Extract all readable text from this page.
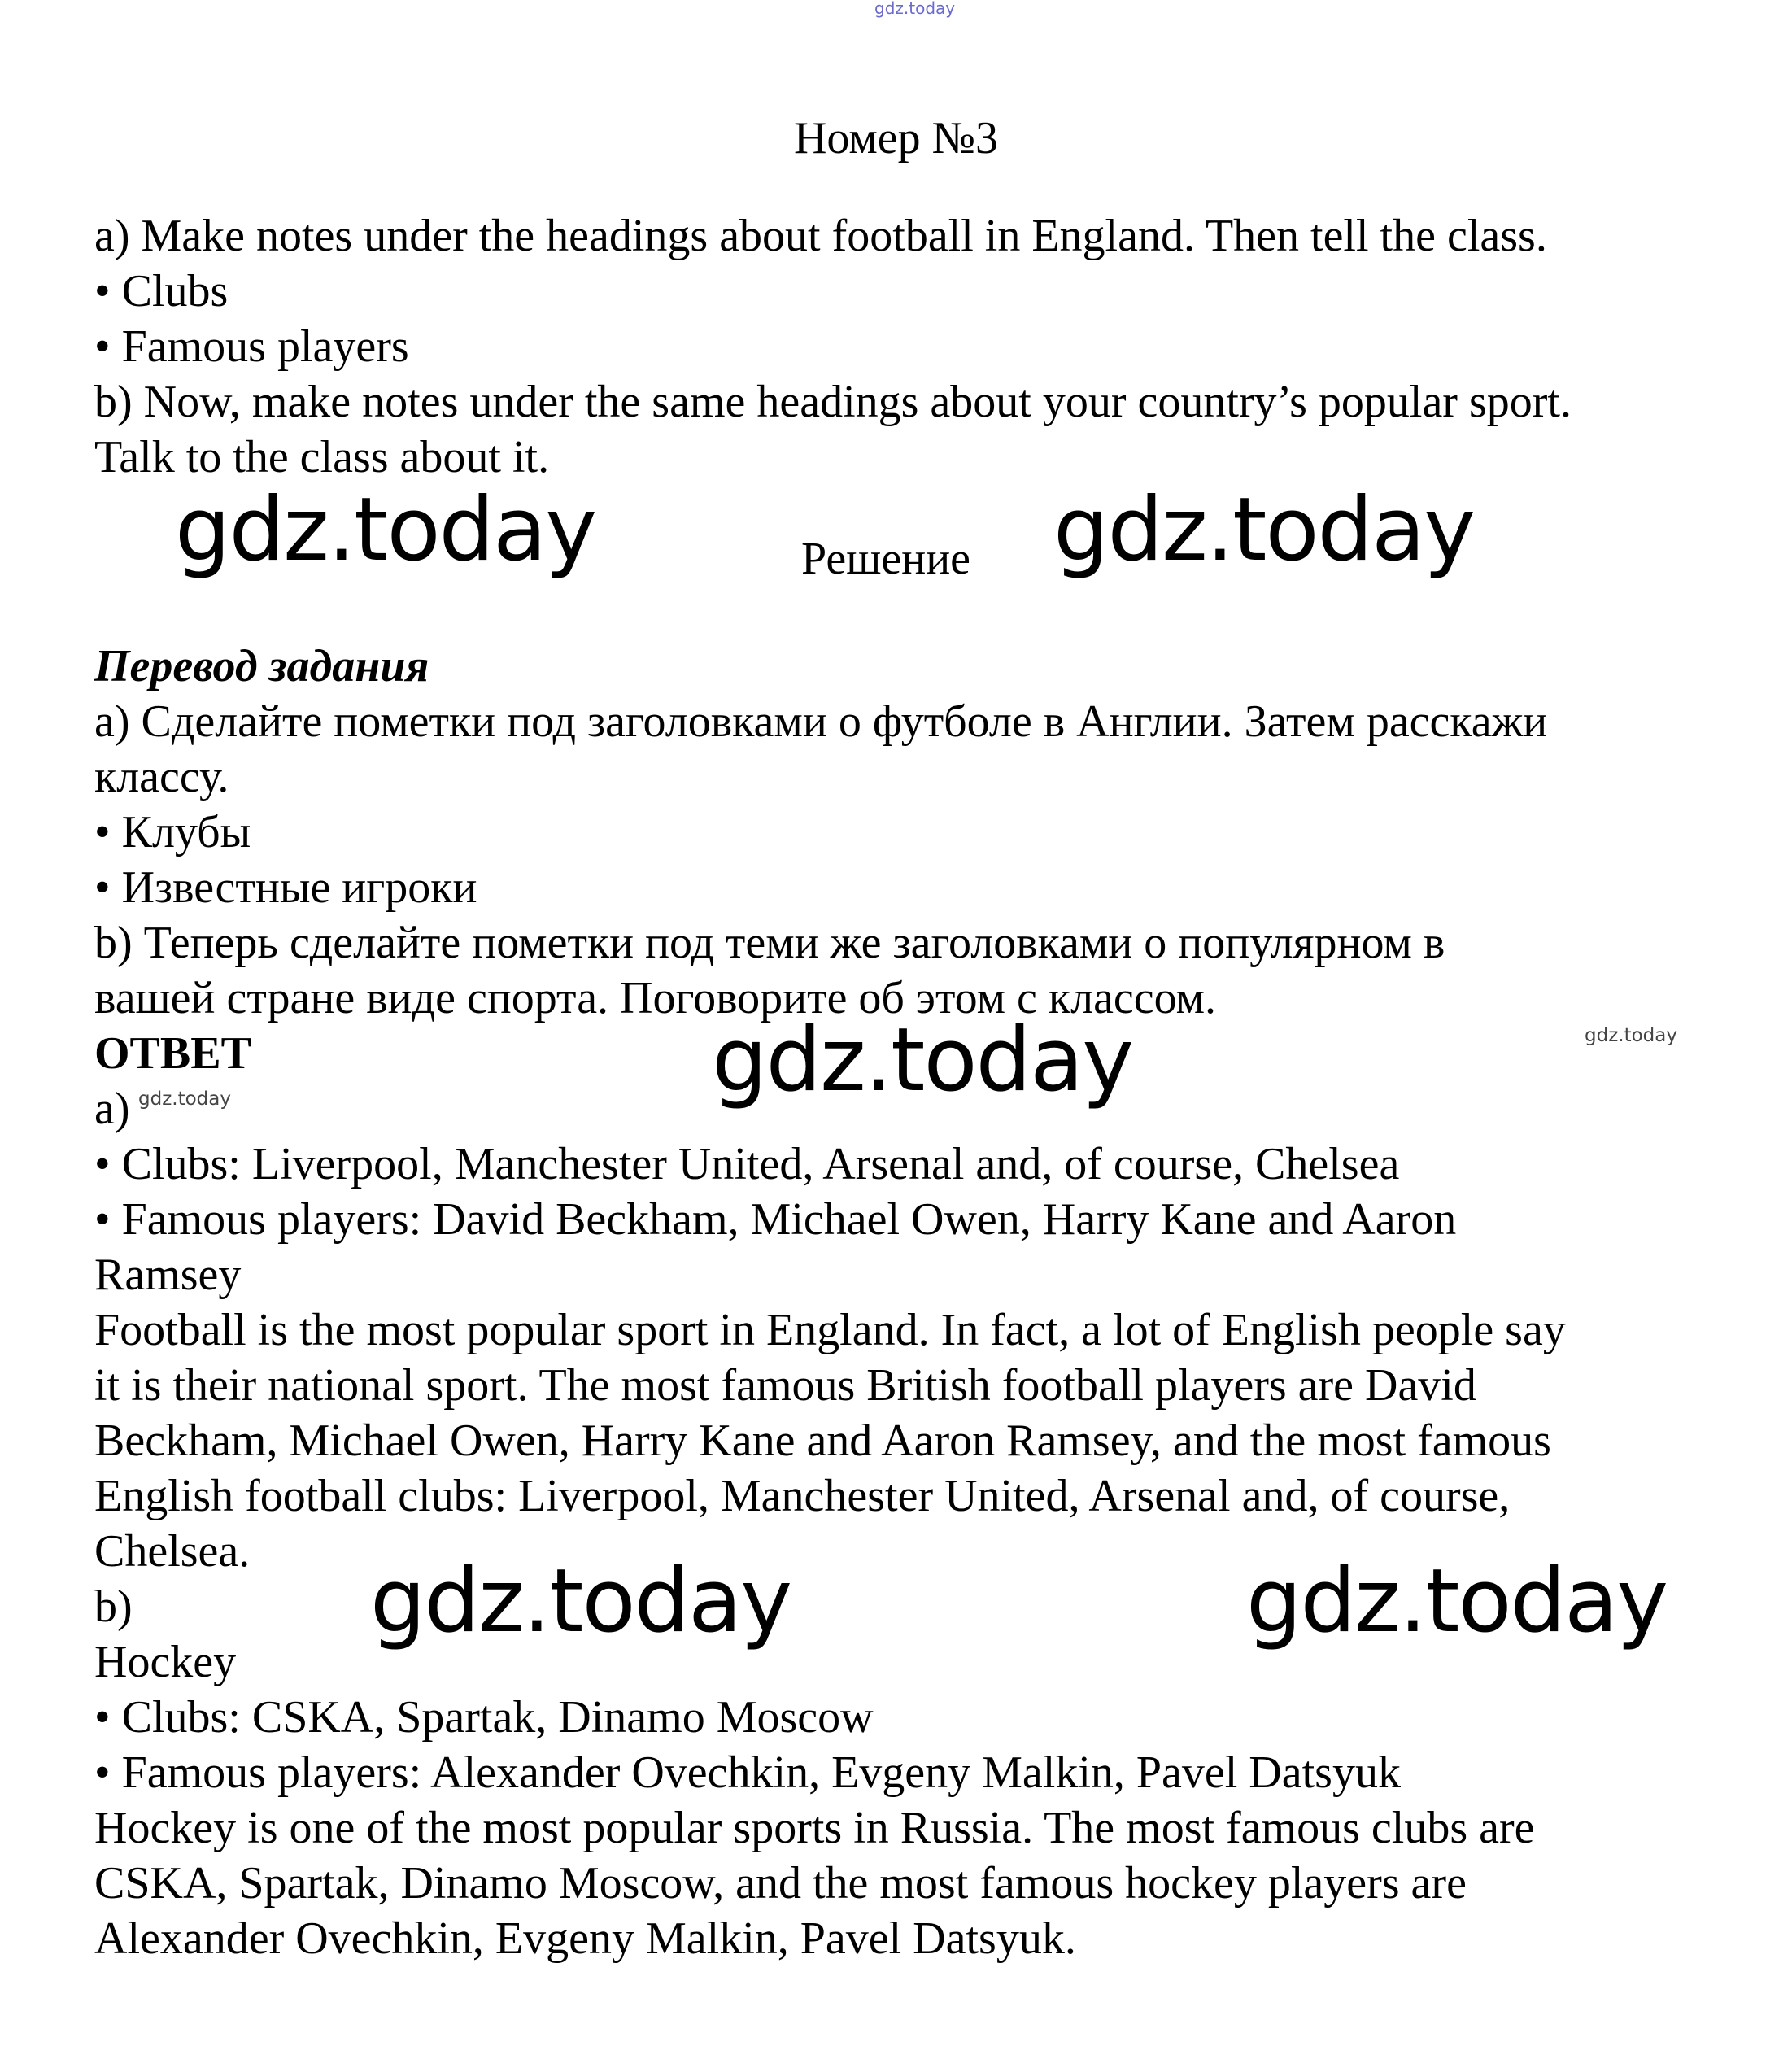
gdz.today

Номер №3

a) Make notes under the headings about football in England. Then tell the class.

• Clubs

• Famous players

b) Now, make notes under the same headings about your country’s popular sport.

Talk to the class about it.

gdz.today	Решение gdz.today

Перевод задания

a) Сделайте пометки под заголовками о футболе в Англии. Затем расскажи

классу.

• Клубы

• Известные игроки

b) Теперь сделайте пометки под теми же заголовками о популярном в

вашей стране виде спорта. Поговорите об этом с классом.

gdz.today

ОТВЕТ	gdz.today

a) gdz.today

• Clubs: Liverpool, Manchester United, Arsenal and, of course, Chelsea

• Famous players: David Beckham, Michael Owen, Harry Kane and Aaron

Ramsey

Football is the most popular sport in England. In fact, a lot of English people say

it is their national sport. The most famous British football players are David

Beckham, Michael Owen, Harry Kane and Aaron Ramsey, and the most famous

English football clubs: Liverpool, Manchester United, Arsenal and, of course,

Chelsea.

b)	gdz.today	gdz.today

Hockey

• Clubs: CSKA, Spartak, Dinamo Moscow

• Famous players: Alexander Ovechkin, Evgeny Malkin, Pavel Datsyuk

Hockey is one of the most popular sports in Russia. The most famous clubs are

CSKA, Spartak, Dinamo Moscow, and the most famous hockey players are

Alexander Ovechkin, Evgeny Malkin, Pavel Datsyuk.
